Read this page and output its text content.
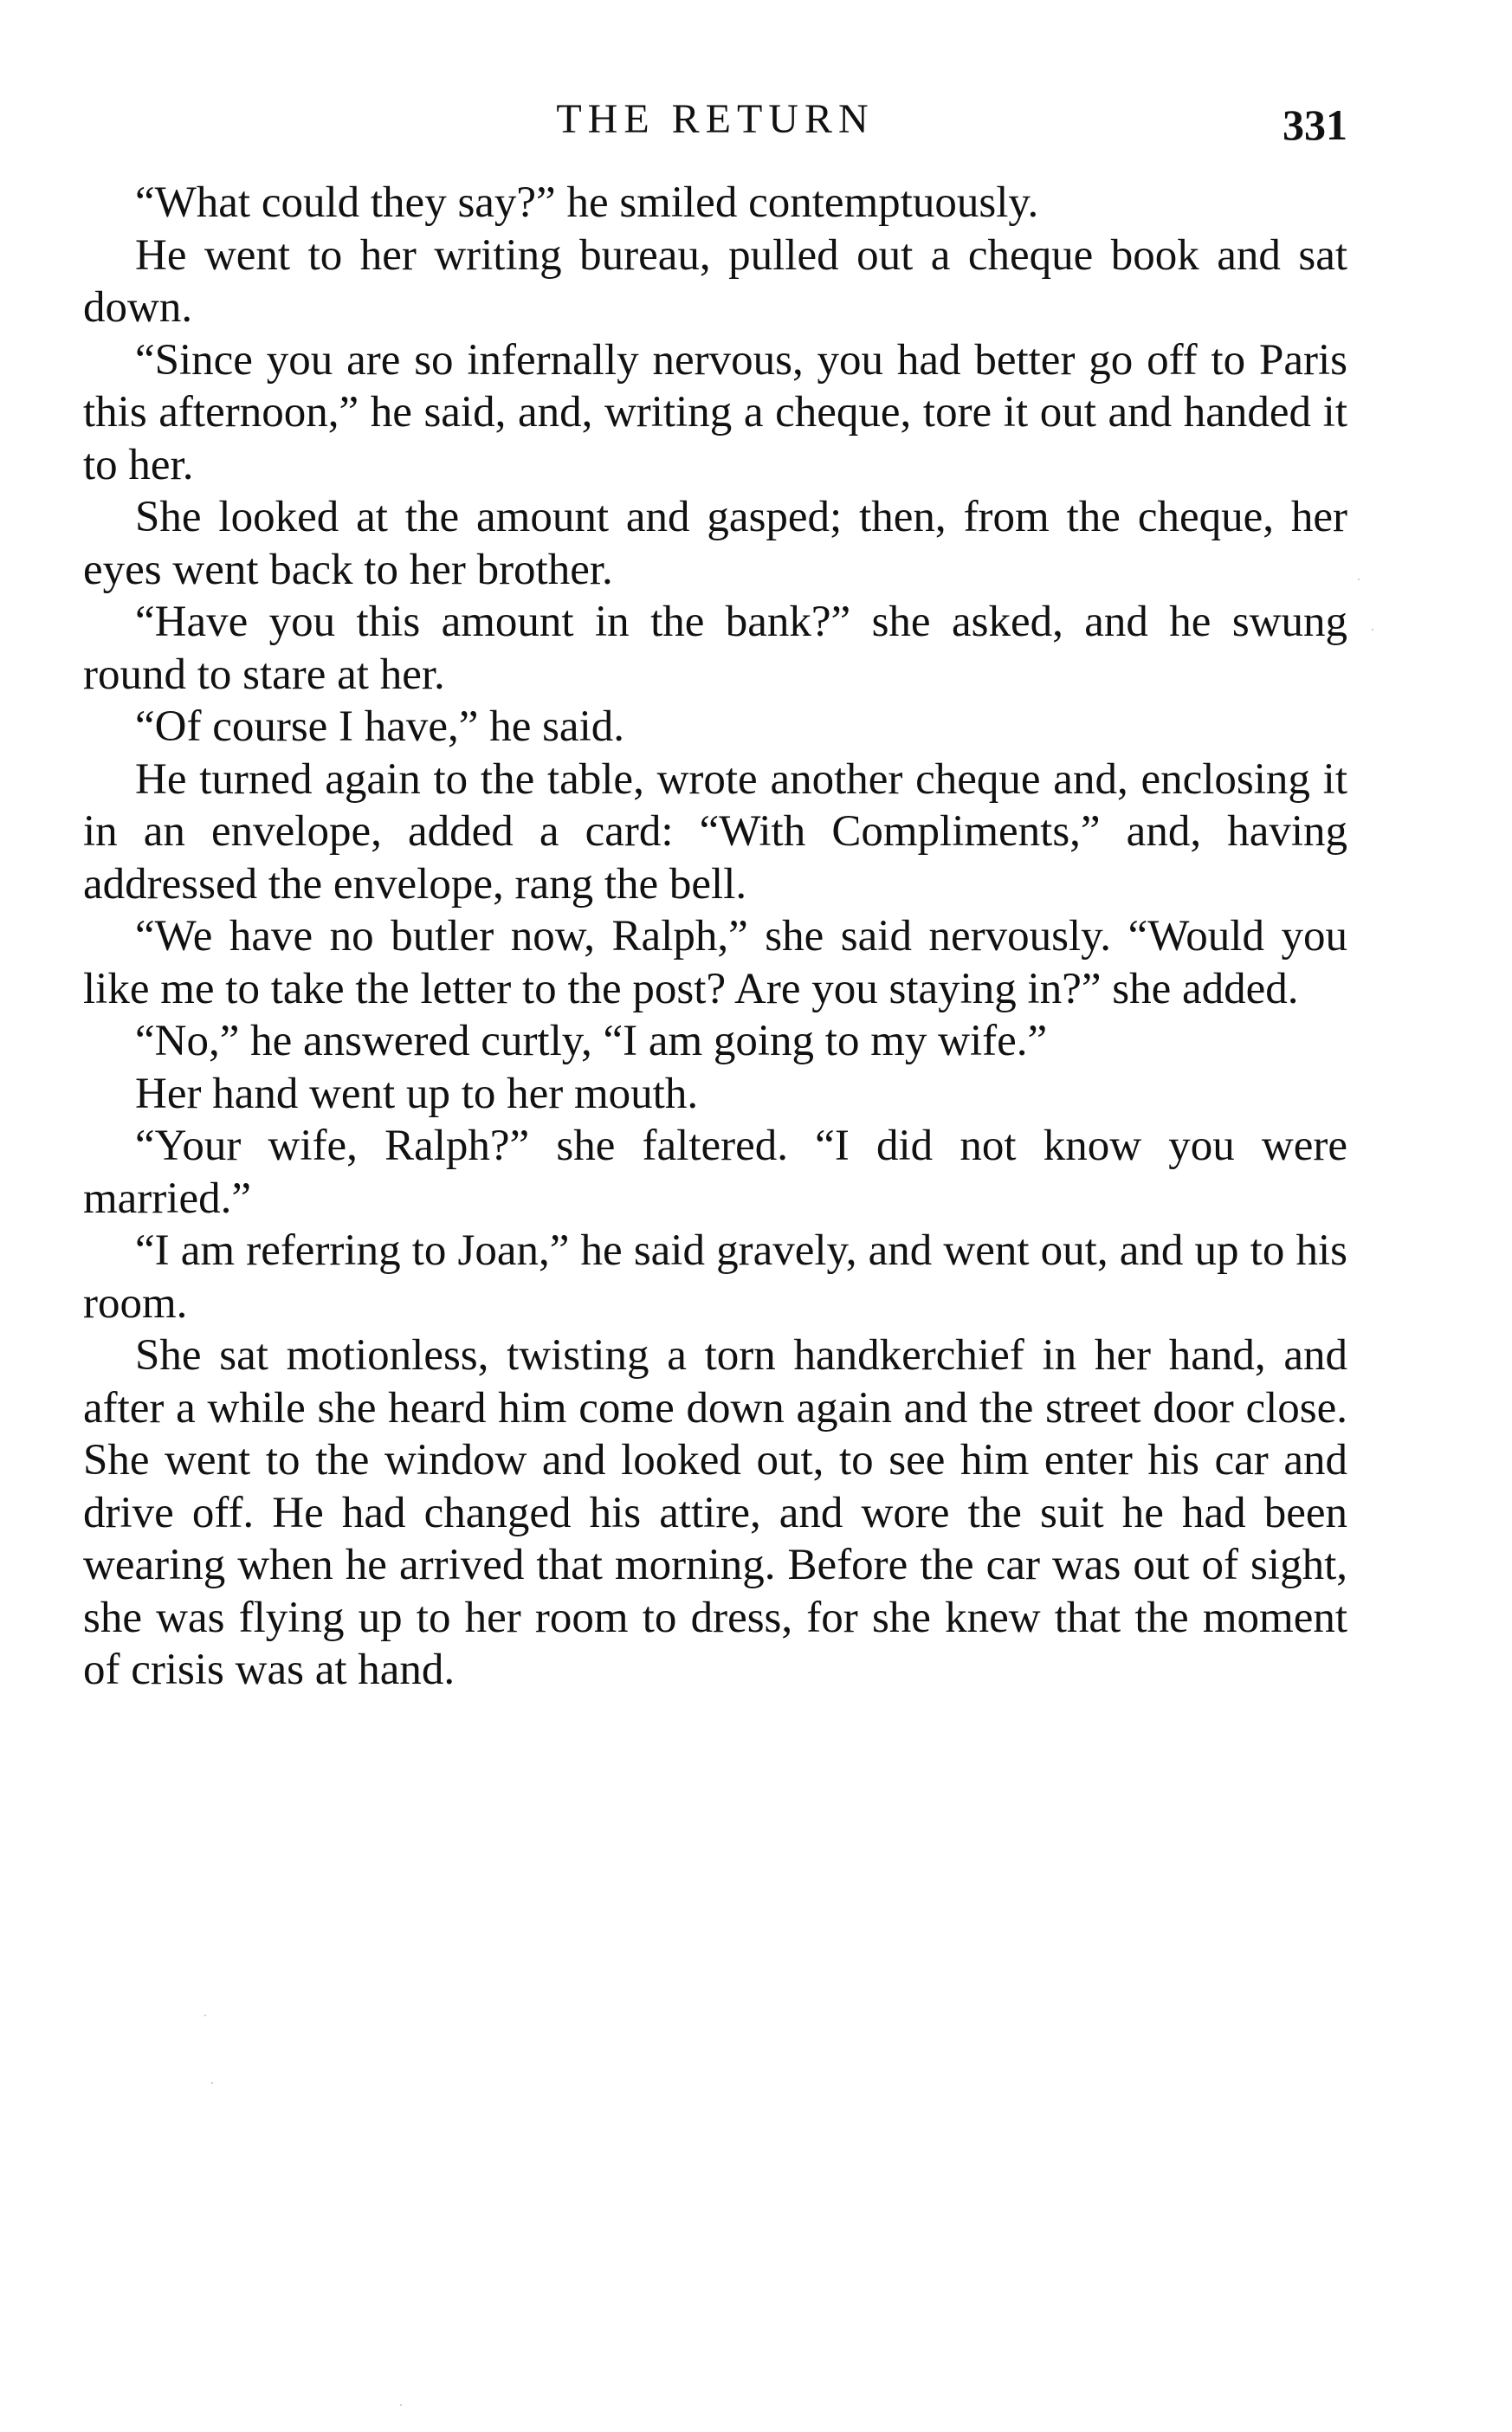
THE RETURN	331

“What could they say?” he smiled contemptuously.

He went to her writing bureau, pulled out a cheque book and sat down.

“Since you are so infernally nervous, you had better go off to Paris this afternoon,” he said, and, writing a cheque, tore it out and handed it to her.

She looked at the amount and gasped; then, from the cheque, her eyes went back to her brother.

“Have you this amount in the bank?” she asked, and he swung round to stare at her.

“Of course I have,” he said.

He turned again to the table, wrote another cheque and, enclosing it in an envelope, added a card: “With Compliments,” and, having addressed the envelope, rang the bell.

“We have no butler now, Ralph,” she said nervously. “Would you like me to take the letter to the post? Are you staying in?” she added.

“No,” he answered curtly, “I am going to my wife.”

Her hand went up to her mouth.

“Your wife, Ralph?” she faltered. “I did not know you were married.”

“I am referring to Joan,” he said gravely, and went out, and up to his room.

She sat motionless, twisting a torn handkerchief in her hand, and after a while she heard him come down again and the street door close. She went to the window and looked out, to see him enter his car and drive off. He had changed his attire, and wore the suit he had been wearing when he arrived that morning. Before the car was out of sight, she was flying up to her room to dress, for she knew that the moment of crisis was at hand.
